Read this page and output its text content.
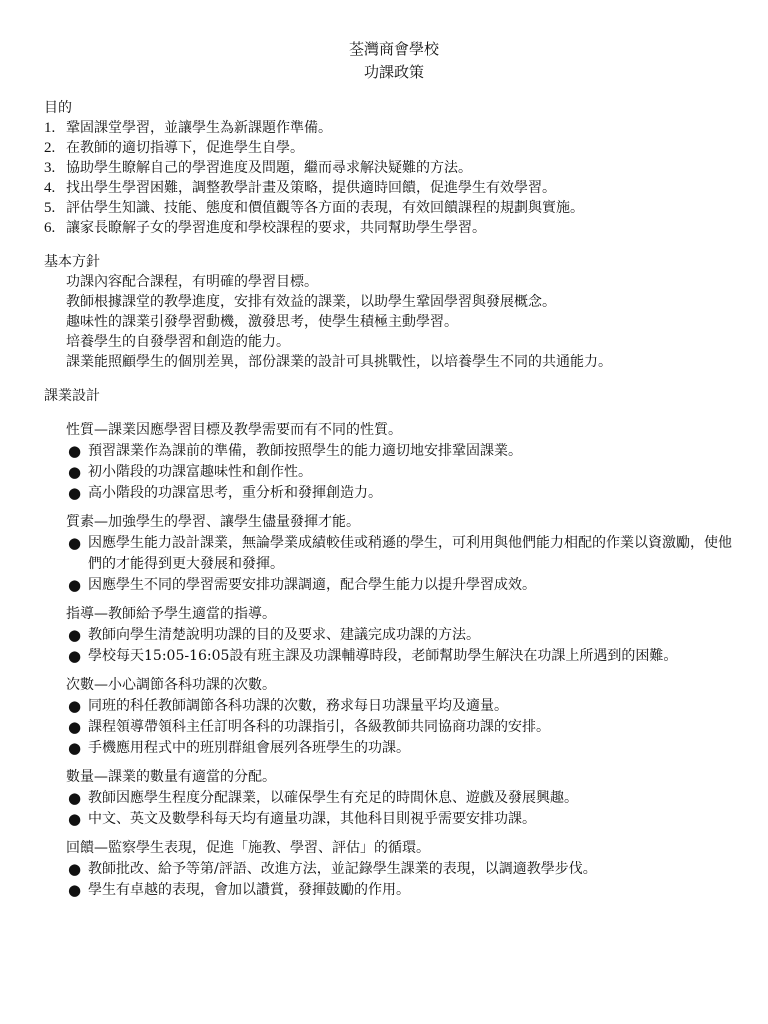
荃灣商會學校
功課政策
目的
1. 鞏固課堂學習，並讓學生為新課題作準備。
2. 在教師的適切指導下，促進學生自學。
3. 協助學生瞭解自己的學習進度及問題，繼而尋求解決疑難的方法。
4. 找出學生學習困難，調整教學計畫及策略，提供適時回饋，促進學生有效學習。
5. 評估學生知識、技能、態度和價值觀等各方面的表現，有效回饋課程的規劃與實施。
6. 讓家長瞭解子女的學習進度和學校課程的要求，共同幫助學生學習。
基本方針
功課內容配合課程，有明確的學習目標。
教師根據課堂的教學進度，安排有效益的課業，以助學生鞏固學習與發展概念。
趣味性的課業引發學習動機，激發思考，使學生積極主動學習。
培養學生的自發學習和創造的能力。
課業能照顧學生的個別差異，部份課業的設計可具挑戰性，以培養學生不同的共通能力。
課業設計
性質—課業因應學習目標及教學需要而有不同的性質。
● 預習課業作為課前的準備，教師按照學生的能力適切地安排鞏固課業。
● 初小階段的功課富趣味性和創作性。
● 高小階段的功課富思考，重分析和發揮創造力。
質素—加強學生的學習、讓學生儘量發揮才能。
● 因應學生能力設計課業，無論學業成績較佳或稍遜的學生，可利用與他們能力相配的作業以資激勵，使他們的才能得到更大發展和發揮。
● 因應學生不同的學習需要安排功課調適，配合學生能力以提升學習成效。
指導—教師給予學生適當的指導。
● 教師向學生清楚說明功課的目的及要求、建議完成功課的方法。
● 學校每天15:05-16:05設有班主課及功課輔導時段，老師幫助學生解決在功課上所遇到的困難。
次數—小心調節各科功課的次數。
● 同班的科任教師調節各科功課的次數，務求每日功課量平均及適量。
● 課程領導帶領科主任訂明各科的功課指引，各級教師共同協商功課的安排。
● 手機應用程式中的班別群組會展列各班學生的功課。
數量—課業的數量有適當的分配。
● 教師因應學生程度分配課業，以確保學生有充足的時間休息、遊戲及發展興趣。
● 中文、英文及數學科每天均有適量功課，其他科目則視乎需要安排功課。
回饋—監察學生表現，促進「施教、學習、評估」的循環。
● 教師批改、給予等第/評語、改進方法，並記錄學生課業的表現，以調適教學步伐。
● 學生有卓越的表現，會加以讚賞，發揮鼓勵的作用。
